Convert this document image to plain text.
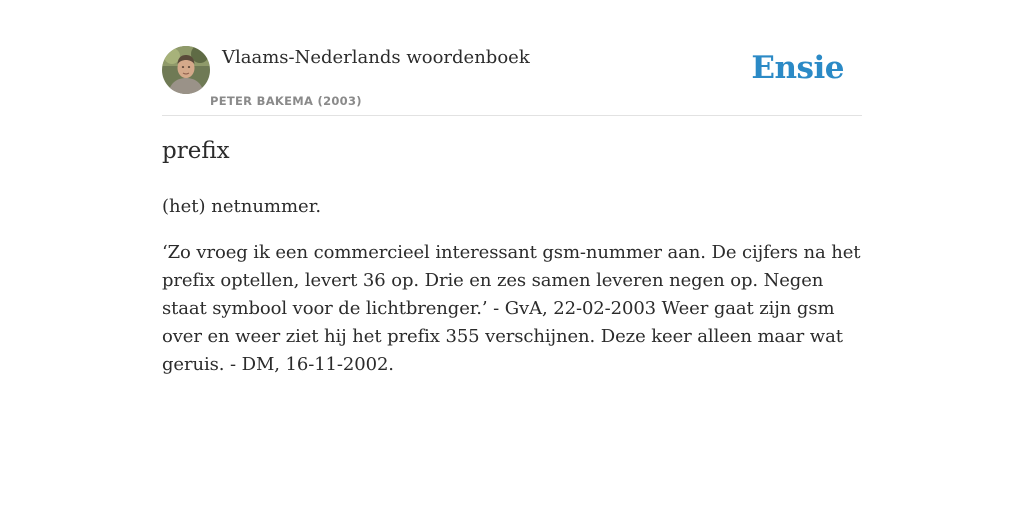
Vlaams-Nederlands woordenboek
PETER BAKEMA (2003)
Ensie
prefix

(het) netnummer.

‘Zo vroeg ik een commercieel interessant gsm-nummer aan. De cijfers na het prefix optellen, levert 36 op. Drie en zes samen leveren negen op. Negen staat symbool voor de lichtbrenger.’ - GvA, 22-02-2003 Weer gaat zijn gsm over en weer ziet hij het prefix 355 verschijnen. Deze keer alleen maar wat geruis. - DM, 16-11-2002.
